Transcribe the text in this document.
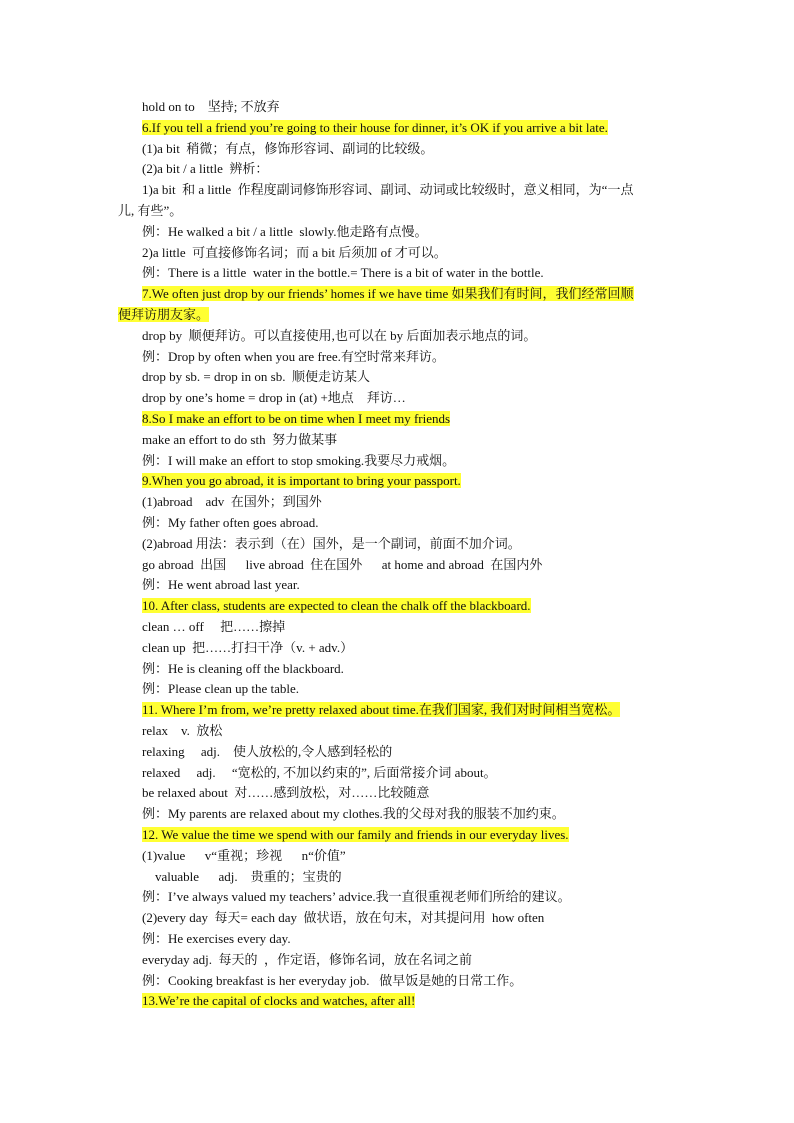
hold on to    坚持; 不放弃
6.If you tell a friend you’re going to their house for dinner, it’s OK if you arrive a bit late.
(1)a bit  稍微；有点，修饰形容词、副词的比较级。
(2)a bit / a little  辨析：
1)a bit  和 a little  作程度副词修饰形容词、副词、动词或比较级时，意义相同，为“一点
儿, 有些”。
例：He walked a bit / a little  slowly.他走路有点慢。
2)a little  可直接修饰名词；而 a bit 后须加 of 才可以。
例：There is a little  water in the bottle.= There is a bit of water in the bottle.
7.We often just drop by our friends’ homes if we have time 如果我们有时间，我们经常回顺
便拜访朋友家。
drop by  顺便拜访。可以直接使用,也可以在 by 后面加表示地点的词。
例：Drop by often when you are free.有空时常来拜访。
drop by sb. = drop in on sb.  顺便走访某人
drop by one’s home = drop in (at) +地点    拜访…
8.So I make an effort to be on time when I meet my friends
make an effort to do sth  努力做某事
例：I will make an effort to stop smoking.我要尽力戒烟。
9.When you go abroad, it is important to bring your passport.
(1)abroad    adv  在国外；到国外
例：My father often goes abroad.
(2)abroad 用法：表示到（在）国外，是一个副词，前面不加介词。
go abroad  出国      live abroad  住在国外      at home and abroad  在国内外
例：He went abroad last year.
10. After class, students are expected to clean the chalk off the blackboard.
clean … off     把……擦掉
clean up  把……打扫干净（v. + adv.）
例：He is cleaning off the blackboard.
例：Please clean up the table.
11. Where I’m from, we’re pretty relaxed about time.在我们国家, 我们对时间相当宽松。
relax    v.  放松
relaxing     adj.    使人放松的,令人感到轻松的
relaxed     adj.     “宽松的, 不加以约束的”, 后面常接介词 about。
be relaxed about  对……感到放松，对……比较随意
例：My parents are relaxed about my clothes.我的父母对我的服装不加约束。
12. We value the time we spend with our family and friends in our everyday lives.
(1)value      v“重视；珍视      n“价值”
valuable      adj.    贵重的；宝贵的
例：I’ve always valued my teachers’ advice.我一直很重视老师们所给的建议。
(2)every day  每天= each day  做状语，放在句末，对其提问用  how often
例：He exercises every day.
everyday adj.  每天的  ，作定语，修饰名词，放在名词之前
例：Cooking breakfast is her everyday job.   做早饭是她的日常工作。
13.We’re the capital of clocks and watches, after all!
